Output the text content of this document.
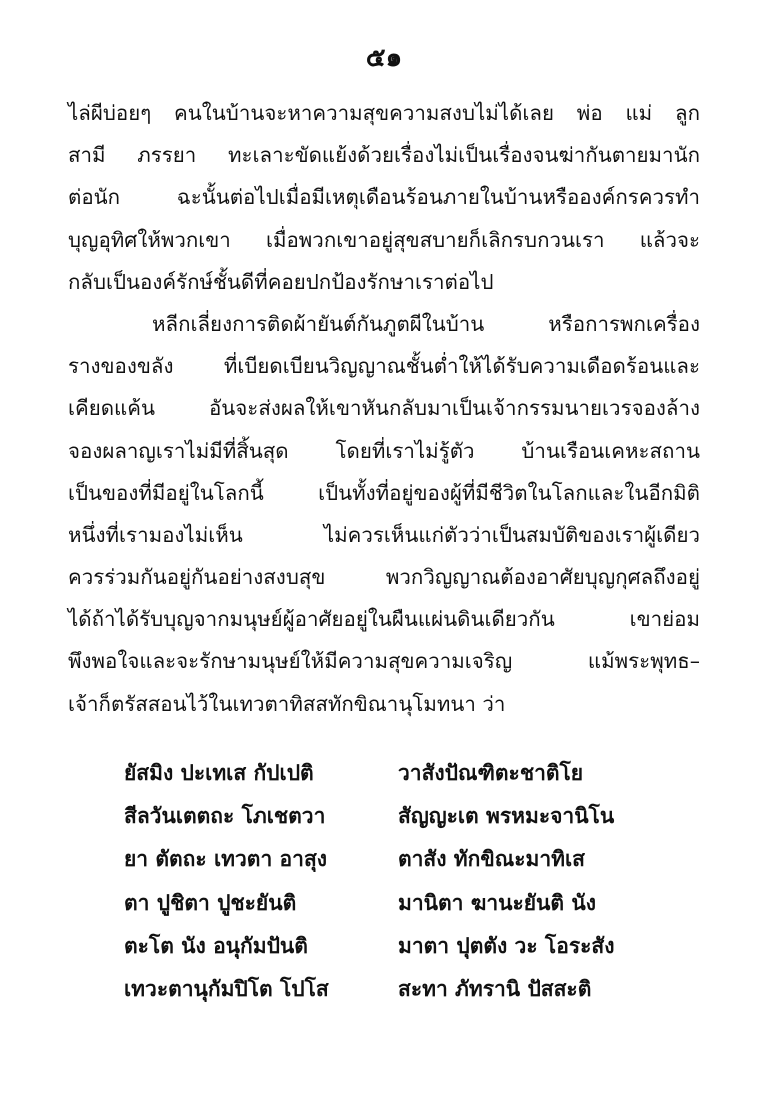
๕๑
ไล่ผีบ่อยๆ คนในบ้านจะหาความสุขความสงบไม่ได้เลย พ่อ แม่ ลูก
สามี ภรรยา ทะเลาะขัดแย้งด้วยเรื่องไม่เป็นเรื่องจนฆ่ากันตายมานัก
ต่อนัก ฉะนั้นต่อไปเมื่อมีเหตุเดือนร้อนภายในบ้านหรือองค์กรควรทำ
บุญอุทิศให้พวกเขา เมื่อพวกเขาอยู่สุขสบายก็เลิกรบกวนเรา แล้วจะ
กลับเป็นองค์รักษ์ชั้นดีที่คอยปกป้องรักษาเราต่อไป
หลีกเลี่ยงการติดผ้ายันต์กันภูตผีในบ้าน หรือการพกเครื่อง
รางของขลัง ที่เบียดเบียนวิญญาณชั้นต่ำให้ได้รับความเดือดร้อนและ
เคียดแค้น อันจะส่งผลให้เขาหันกลับมาเป็นเจ้ากรรมนายเวรจองล้าง
จองผลาญเราไม่มีที่สิ้นสุด โดยที่เราไม่รู้ตัว บ้านเรือนเคหะสถาน
เป็นของที่มีอยู่ในโลกนี้ เป็นทั้งที่อยู่ของผู้ที่มีชีวิตในโลกและในอีกมิติ
หนึ่งที่เรามองไม่เห็น ไม่ควรเห็นแก่ตัวว่าเป็นสมบัติของเราผู้เดียว
ควรร่วมกันอยู่กันอย่างสงบสุข พวกวิญญาณต้องอาศัยบุญกุศลถึงอยู่
ได้ถ้าได้รับบุญจากมนุษย์ผู้อาศัยอยู่ในผืนแผ่นดินเดียวกัน เขาย่อม
พึงพอใจและจะรักษามนุษย์ให้มีความสุขความเจริญ แม้พระพุทธ–
เจ้าก็ตรัสสอนไว้ในเทวตาทิสสทักขิณานุโมทนา ว่า
ยัสมิง ปะเทเส กัปเปติ	วาสังปัณฑิตะชาติโย
สีลวันเตตถะ โภเชตวา	สัญญะเต พรหมะจานิโน
ยา ตัตถะ เทวตา อาสุง	ตาสัง ทักขิณะมาทิเส
ตา ปูชิตา ปูชะยันติ	มานิตา ฆานะยันติ นัง
ตะโต นัง อนุกัมปันติ	มาตา ปุตตัง วะ โอระสัง
เทวะตานุกัมปิโต โปโส	สะทา ภัทรานิ ปัสสะติ
